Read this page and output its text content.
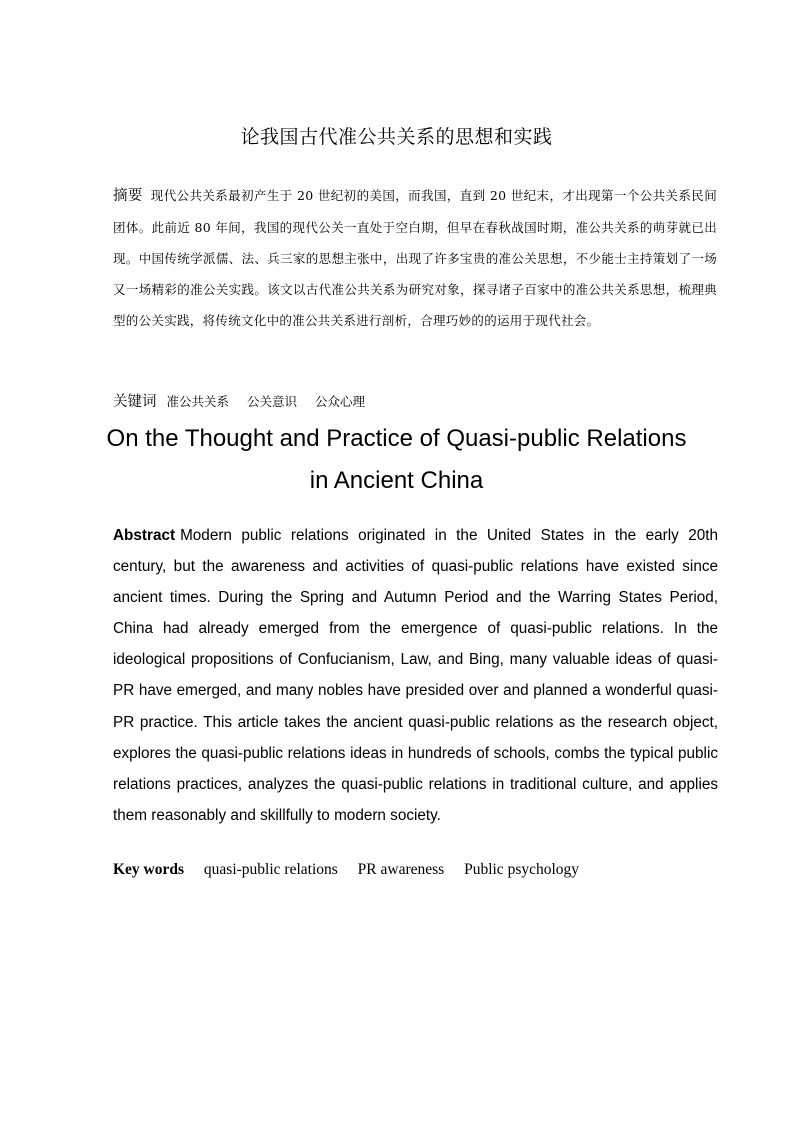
论我国古代准公共关系的思想和实践
摘要 现代公共关系最初产生于 20 世纪初的美国，而我国，直到 20 世纪末，才出现第一个公共关系民间团体。此前近 80 年间，我国的现代公关一直处于空白期，但早在春秋战国时期，准公共关系的萌芽就已出现。中国传统学派儒、法、兵三家的思想主张中，出现了许多宝贵的准公关思想，不少能士主持策划了一场又一场精彩的准公关实践。该文以古代准公共关系为研究对象，探寻诸子百家中的准公共关系思想，梳理典型的公关实践，将传统文化中的准公共关系进行剖析，合理巧妙的的运用于现代社会。
关键词 准公共关系 公关意识 公众心理
On the Thought and Practice of Quasi-public Relations
in Ancient China
Abstract Modern public relations originated in the United States in the early 20th century, but the awareness and activities of quasi-public relations have existed since ancient times. During the Spring and Autumn Period and the Warring States Period, China had already emerged from the emergence of quasi-public relations. In the ideological propositions of Confucianism, Law, and Bing, many valuable ideas of quasi-PR have emerged, and many nobles have presided over and planned a wonderful quasi-PR practice. This article takes the ancient quasi-public relations as the research object, explores the quasi-public relations ideas in hundreds of schools, combs the typical public relations practices, analyzes the quasi-public relations in traditional culture, and applies them reasonably and skillfully to modern society.
Key words quasi-public relations PR awareness Public psychology
